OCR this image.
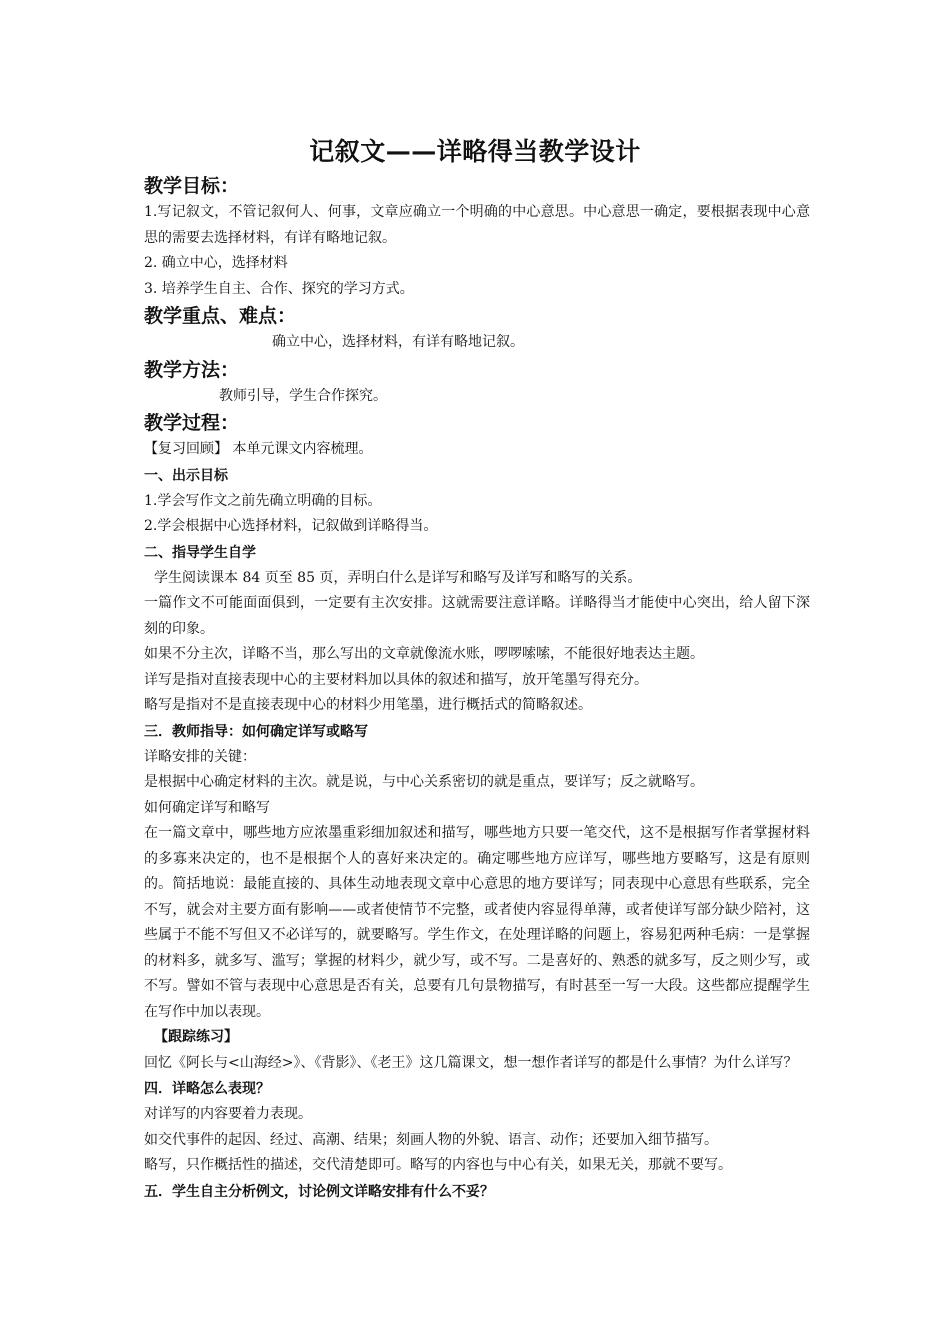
记叙文——详略得当教学设计
教学目标：
1.写记叙文，不管记叙何人、何事，文章应确立一个明确的中心意思。中心意思一确定，要根据表现中心意思的需要去选择材料，有详有略地记叙。
2. 确立中心，选择材料
3. 培养学生自主、合作、探究的学习方式。
教学重点、难点：
确立中心，选择材料，有详有略地记叙。
教学方法：
教师引导，学生合作探究。
教学过程：
【复习回顾】 本单元课文内容梳理。
一、出示目标
1.学会写作文之前先确立明确的目标。
2.学会根据中心选择材料，记叙做到详略得当。
二、指导学生自学
学生阅读课本 84 页至 85 页，弄明白什么是详写和略写及详写和略写的关系。
一篇作文不可能面面俱到，一定要有主次安排。这就需要注意详略。详略得当才能使中心突出，给人留下深刻的印象。
如果不分主次，详略不当，那么写出的文章就像流水账，啰啰嗦嗦，不能很好地表达主题。
详写是指对直接表现中心的主要材料加以具体的叙述和描写，放开笔墨写得充分。
略写是指对不是直接表现中心的材料少用笔墨，进行概括式的简略叙述。
三．教师指导：如何确定详写或略写
详略安排的关键：
是根据中心确定材料的主次。就是说，与中心关系密切的就是重点，要详写；反之就略写。
如何确定详写和略写
在一篇文章中，哪些地方应浓墨重彩细加叙述和描写，哪些地方只要一笔交代，这不是根据写作者掌握材料的多寡来决定的，也不是根据个人的喜好来决定的。确定哪些地方应详写，哪些地方要略写，这是有原则的。简括地说：最能直接的、具体生动地表现文章中心意思的地方要详写；同表现中心意思有些联系，完全不写，就会对主要方面有影响——或者使情节不完整，或者使内容显得单薄，或者使详写部分缺少陪衬，这些属于不能不写但又不必详写的，就要略写。学生作文，在处理详略的问题上，容易犯两种毛病：一是掌握的材料多，就多写、滥写；掌握的材料少，就少写，或不写。二是喜好的、熟悉的就多写，反之则少写，或不写。譬如不管与表现中心意思是否有关，总要有几句景物描写，有时甚至一写一大段。这些都应提醒学生在写作中加以表现。
【跟踪练习】
回忆《阿长与<山海经>》、《背影》、《老王》这几篇课文，想一想作者详写的都是什么事情？为什么详写？
四．详略怎么表现？
对详写的内容要着力表现。
如交代事件的起因、经过、高潮、结果；刻画人物的外貌、语言、动作；还要加入细节描写。
略写，只作概括性的描述，交代清楚即可。略写的内容也与中心有关，如果无关，那就不要写。
五．学生自主分析例文，讨论例文详略安排有什么不妥？
